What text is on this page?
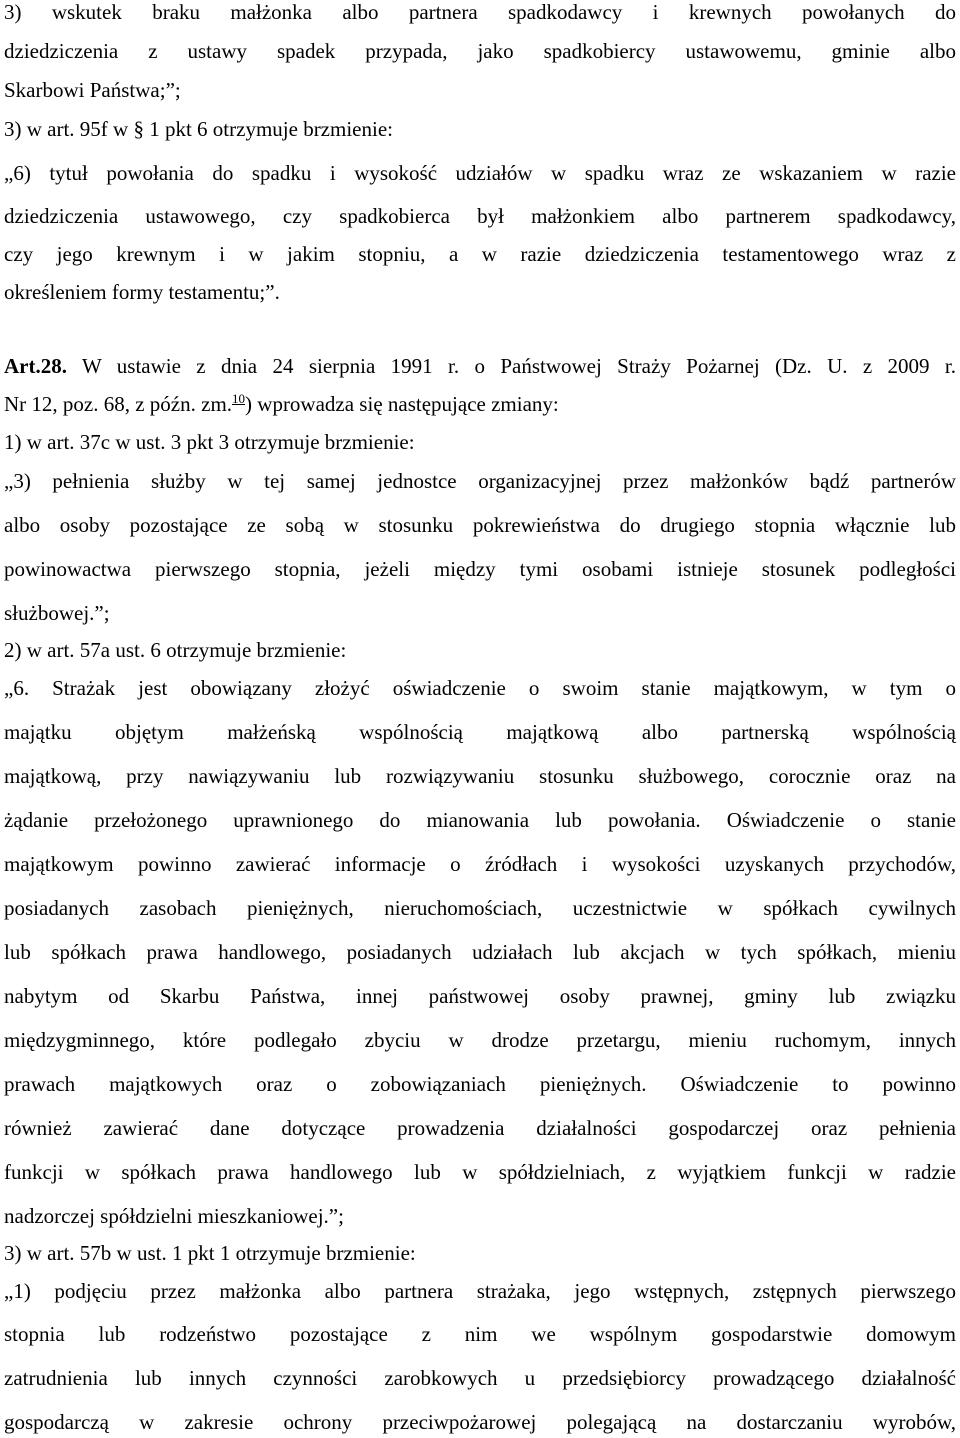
3) wskutek braku małżonka albo partnera spadkodawcy i krewnych powołanych do

dziedziczenia z ustawy spadek przypada, jako spadkobiercy ustawowemu, gminie albo

Skarbowi Państwa;”;

3) w art. 95f w § 1 pkt 6 otrzymuje brzmienie:

„6) tytuł powołania do spadku i wysokość udziałów w spadku wraz ze wskazaniem w razie

dziedziczenia ustawowego, czy spadkobierca był małżonkiem albo partnerem spadkodawcy,

czy jego krewnym i w jakim stopniu, a w razie dziedziczenia testamentowego wraz z

określeniem formy testamentu;”.

Art.28. W ustawie z dnia 24 sierpnia 1991 r. o Państwowej Straży Pożarnej (Dz. U. z 2009 r.

Nr 12, poz. 68, z późn. zm.$^{10}$) wprowadza się następujące zmiany:

1) w art. 37c w ust. 3 pkt 3 otrzymuje brzmienie:

„3) pełnienia służby w tej samej jednostce organizacyjnej przez małżonków bądź partnerów

albo osoby pozostające ze sobą w stosunku pokrewieństwa do drugiego stopnia włącznie lub

powinowactwa pierwszego stopnia, jeżeli między tymi osobami istnieje stosunek podległości

służbowej.”;

2) w art. 57a ust. 6 otrzymuje brzmienie:

„6. Strażak jest obowiązany złożyć oświadczenie o swoim stanie majątkowym, w tym o

majątku objętym małżeńską wspólnością majątkową albo partnerską wspólnością

majątkową, przy nawiązywaniu lub rozwiązywaniu stosunku służbowego, corocznie oraz na

żądanie przełożonego uprawnionego do mianowania lub powołania. Oświadczenie o stanie

majątkowym powinno zawierać informacje o źródłach i wysokości uzyskanych przychodów,

posiadanych zasobach pieniężnych, nieruchomościach, uczestnictwie w spółkach cywilnych

lub spółkach prawa handlowego, posiadanych udziałach lub akcjach w tych spółkach, mieniu

nabytym od Skarbu Państwa, innej państwowej osoby prawnej, gminy lub związku

międzygminnego, które podlegało zbyciu w drodze przetargu, mieniu ruchomym, innych

prawach majątkowych oraz o zobowiązaniach pieniężnych. Oświadczenie to powinno

również zawierać dane dotyczące prowadzenia działalności gospodarczej oraz pełnienia

funkcji w spółkach prawa handlowego lub w spółdzielniach, z wyjątkiem funkcji w radzie

nadzorczej spółdzielni mieszkaniowej.”;

3) w art. 57b w ust. 1 pkt 1 otrzymuje brzmienie:

„1) podjęciu przez małżonka albo partnera strażaka, jego wstępnych, zstępnych pierwszego

stopnia lub rodzeństwo pozostające z nim we wspólnym gospodarstwie domowym

zatrudnienia lub innych czynności zarobkowych u przedsiębiorcy prowadzącego działalność

gospodarczą w zakresie ochrony przeciwpożarowej polegającą na dostarczaniu wyrobów,
